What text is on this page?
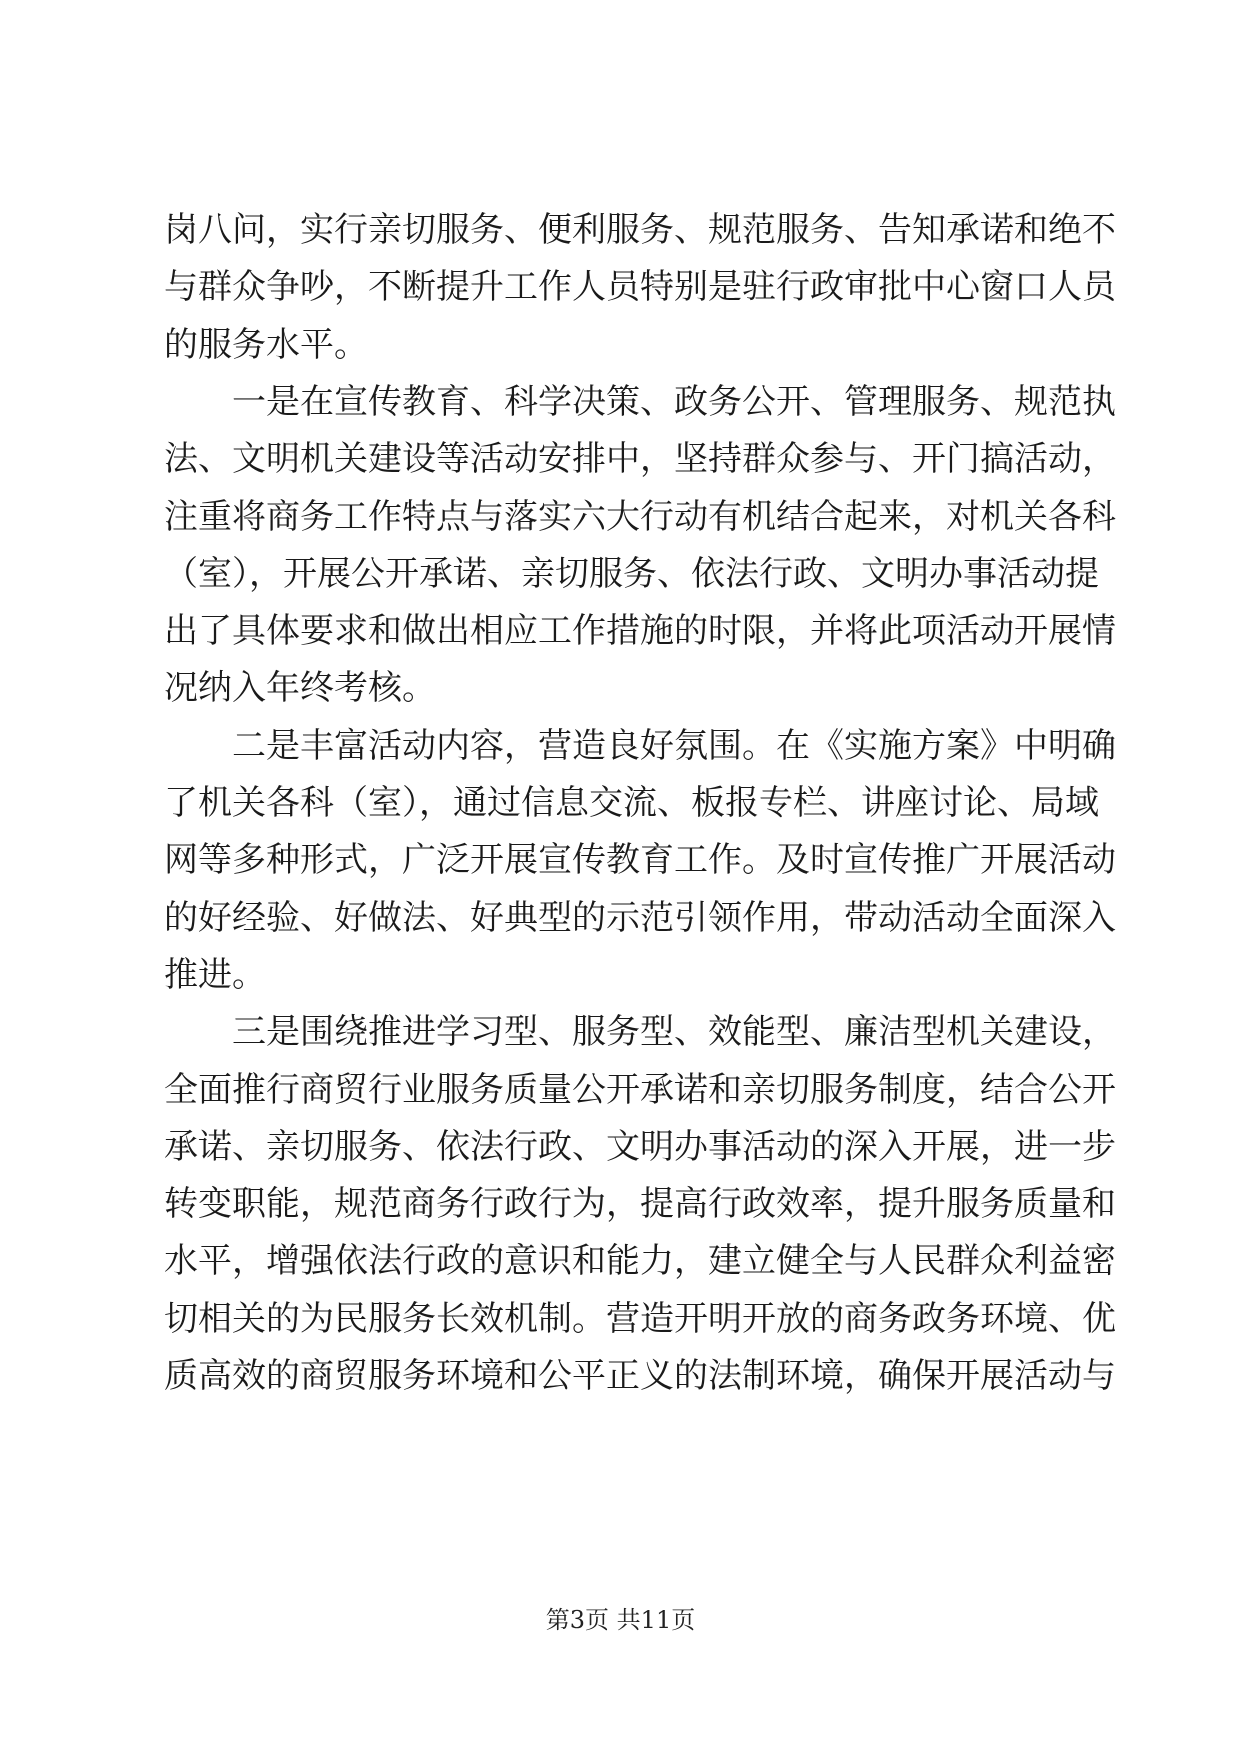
岗八问，实行亲切服务、便利服务、规范服务、告知承诺和绝不
与群众争吵，不断提升工作人员特别是驻行政审批中心窗口人员
的服务水平。
一是在宣传教育、科学决策、政务公开、管理服务、规范执
法、文明机关建设等活动安排中，坚持群众参与、开门搞活动，
注重将商务工作特点与落实六大行动有机结合起来，对机关各科
（室），开展公开承诺、亲切服务、依法行政、文明办事活动提
出了具体要求和做出相应工作措施的时限，并将此项活动开展情
况纳入年终考核。
二是丰富活动内容，营造良好氛围。在《实施方案》中明确
了机关各科（室），通过信息交流、板报专栏、讲座讨论、局域
网等多种形式，广泛开展宣传教育工作。及时宣传推广开展活动
的好经验、好做法、好典型的示范引领作用，带动活动全面深入
推进。
三是围绕推进学习型、服务型、效能型、廉洁型机关建设，
全面推行商贸行业服务质量公开承诺和亲切服务制度，结合公开
承诺、亲切服务、依法行政、文明办事活动的深入开展，进一步
转变职能，规范商务行政行为，提高行政效率，提升服务质量和
水平，增强依法行政的意识和能力，建立健全与人民群众利益密
切相关的为民服务长效机制。营造开明开放的商务政务环境、优
质高效的商贸服务环境和公平正义的法制环境，确保开展活动与
第3页 共11页
